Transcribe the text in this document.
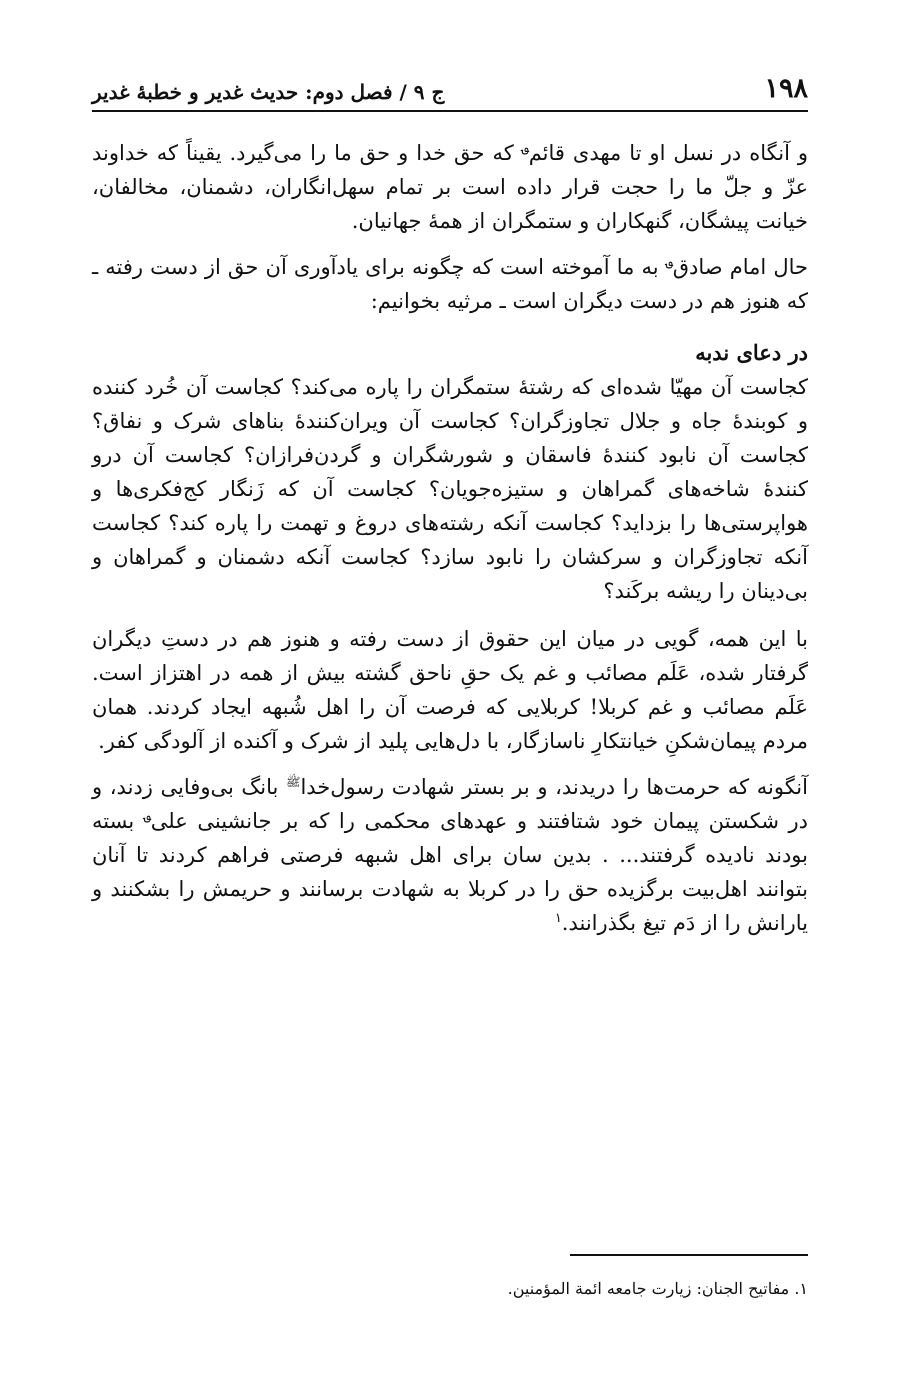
۱۹۸
ج ۹ / فصل دوم: حدیث غدیر و خطبۀ غدیر

و آنگاه در نسل او تا مهدی قائم؈ که حق خدا و حق ما را می‌گیرد. یقیناً که خداوند عزّ و جلّ ما را حجت قرار داده است بر تمام سهل‌انگاران، دشمنان، مخالفان، خیانت پیشگان، گنهکاران و ستمگران از همۀ جهانیان.

حال امام صادق؈ به ما آموخته است که چگونه برای یادآوری آن حق از دست رفته ـ که هنوز هم در دست دیگران است ـ مرثیه بخوانیم:

در دعای ندبه

کجاست آن مهیّا شده‌ای که رشتۀ ستمگران را پاره می‌کند؟ کجاست آن خُرد کننده و کوبندۀ جاه و جلال تجاوزگران؟ کجاست آن ویران‌کنندۀ بناهای شرک و نفاق؟ کجاست آن نابود کنندۀ فاسقان و شورشگران و گردن‌فرازان؟ کجاست آن درو کنندۀ شاخه‌های گمراهان و ستیزه‌جویان؟ کجاست آن که زَنگار کج‌فکری‌ها و هواپرستی‌ها را بزداید؟ کجاست آنکه رشته‌های دروغ و تهمت را پاره کند؟ کجاست آنکه تجاوزگران و سرکشان را نابود سازد؟ کجاست آنکه دشمنان و گمراهان و بی‌دینان را ریشه برکَند؟

با این همه، گویی در میان این حقوق از دست رفته و هنوز هم در دستِ دیگران گرفتار شده، عَلَم مصائب و غم یک حقِ ناحق گشته بیش از همه در اهتزاز است. عَلَم مصائب و غم کربلا! کربلایی که فرصت آن را اهل شُبهه ایجاد کردند. همان مردم پیمان‌شکنِ خیانتکارِ ناسازگار، با دل‌هایی پلید از شرک و آکنده از آلودگی کفر.

آنگونه که حرمت‌ها را دریدند، و بر بستر شهادت رسول‌خدا$^ﷺ$ بانگ بی‌وفایی زدند، و در شکستن پیمان خود شتافتند و عهدهای محکمی را که بر جانشینی علی؈ بسته بودند نادیده گرفتند... . بدین سان برای اهل شبهه فرصتی فراهم کردند تا آنان بتوانند اهل‌بیت برگزیده حق را در کربلا به شهادت برسانند و حریمش را بشکنند و یارانش را از دَم تیغ بگذرانند.$^۱$

۱. مفاتیح الجنان: زیارت جامعه ائمة المؤمنین.
